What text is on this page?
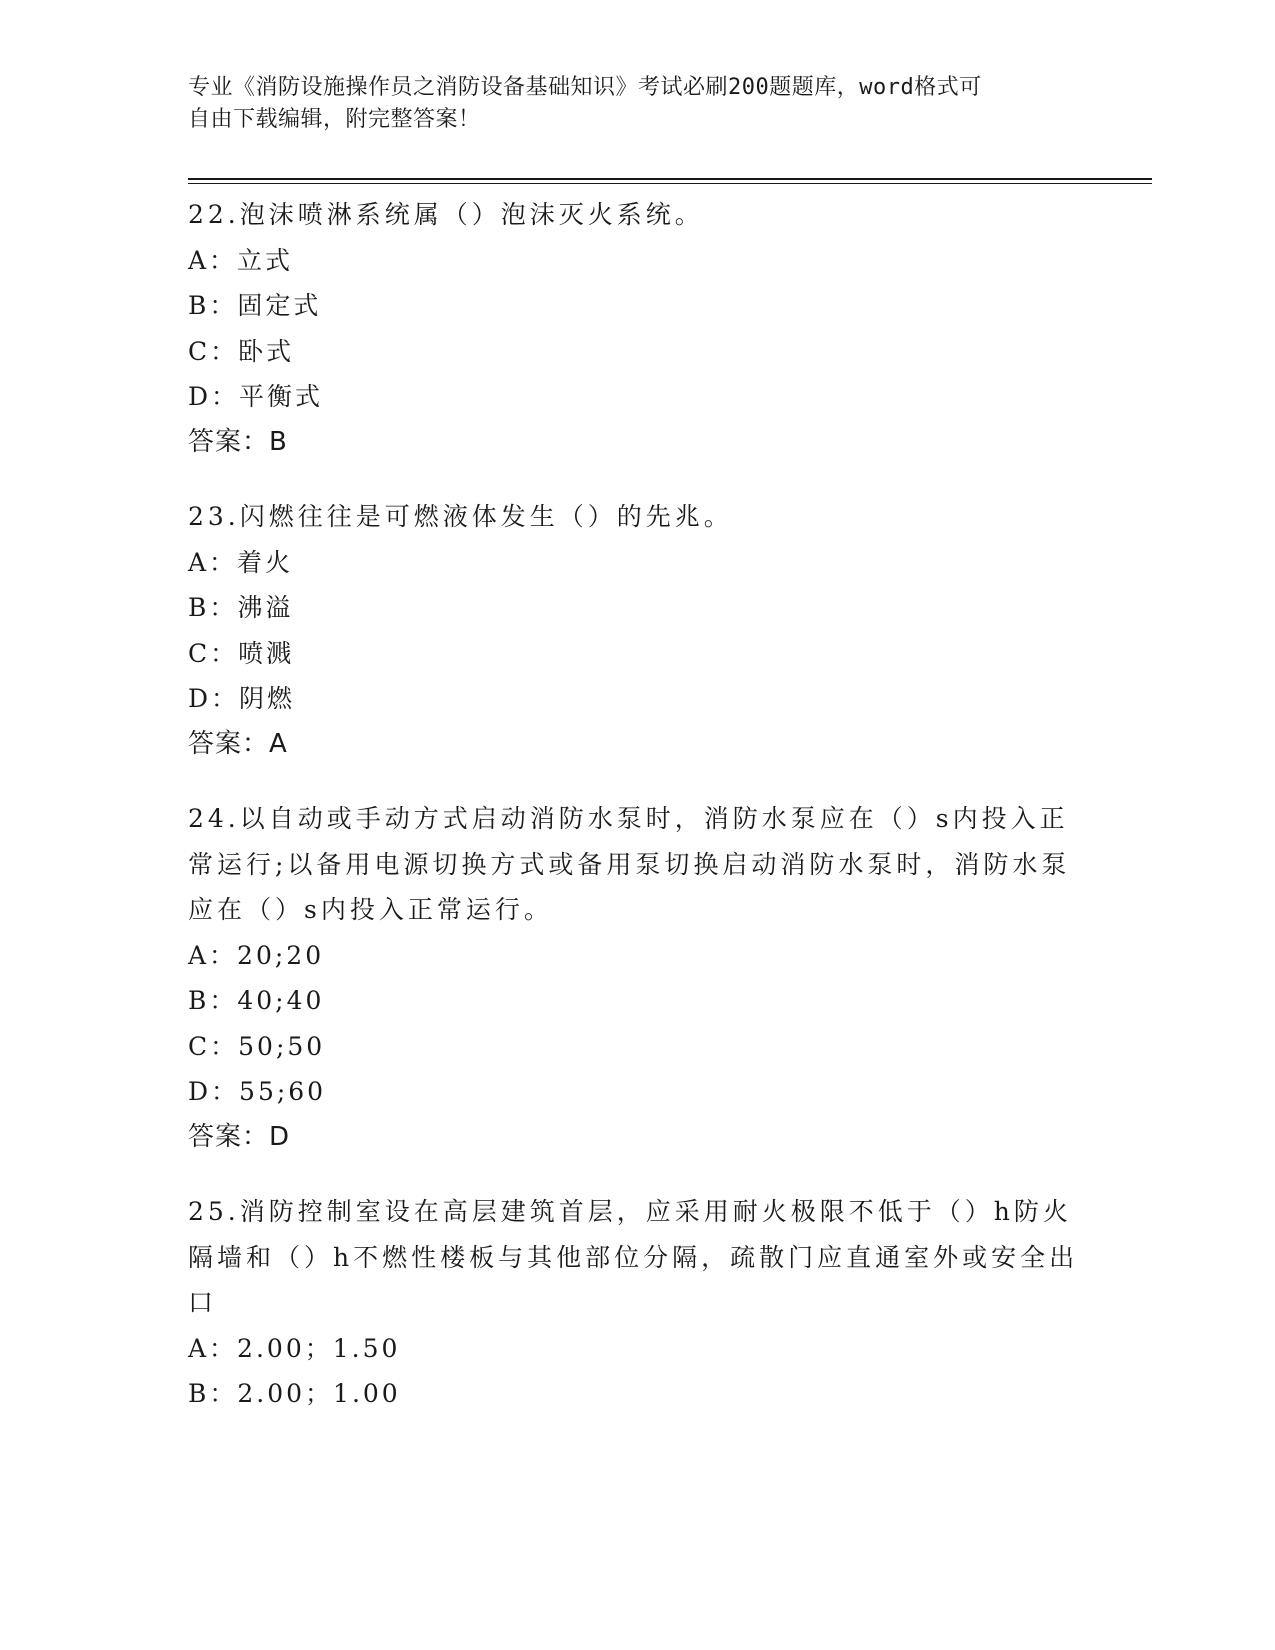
专业《消防设施操作员之消防设备基础知识》考试必刷200题题库，word格式可
自由下载编辑，附完整答案！
22.泡沫喷淋系统属（）泡沫灭火系统。
A：立式
B：固定式
C：卧式
D：平衡式
答案：B
23.闪燃往往是可燃液体发生（）的先兆。
A：着火
B：沸溢
C：喷溅
D：阴燃
答案：A
24.以自动或手动方式启动消防水泵时，消防水泵应在（）s内投入正
常运行;以备用电源切换方式或备用泵切换启动消防水泵时，消防水泵
应在（）s内投入正常运行。
A：20;20
B：40;40
C：50;50
D：55;60
答案：D
25.消防控制室设在高层建筑首层，应采用耐火极限不低于（）h防火
隔墙和（）h不燃性楼板与其他部位分隔，疏散门应直通室外或安全出
口
A：2.00；1.50
B：2.00；1.00
